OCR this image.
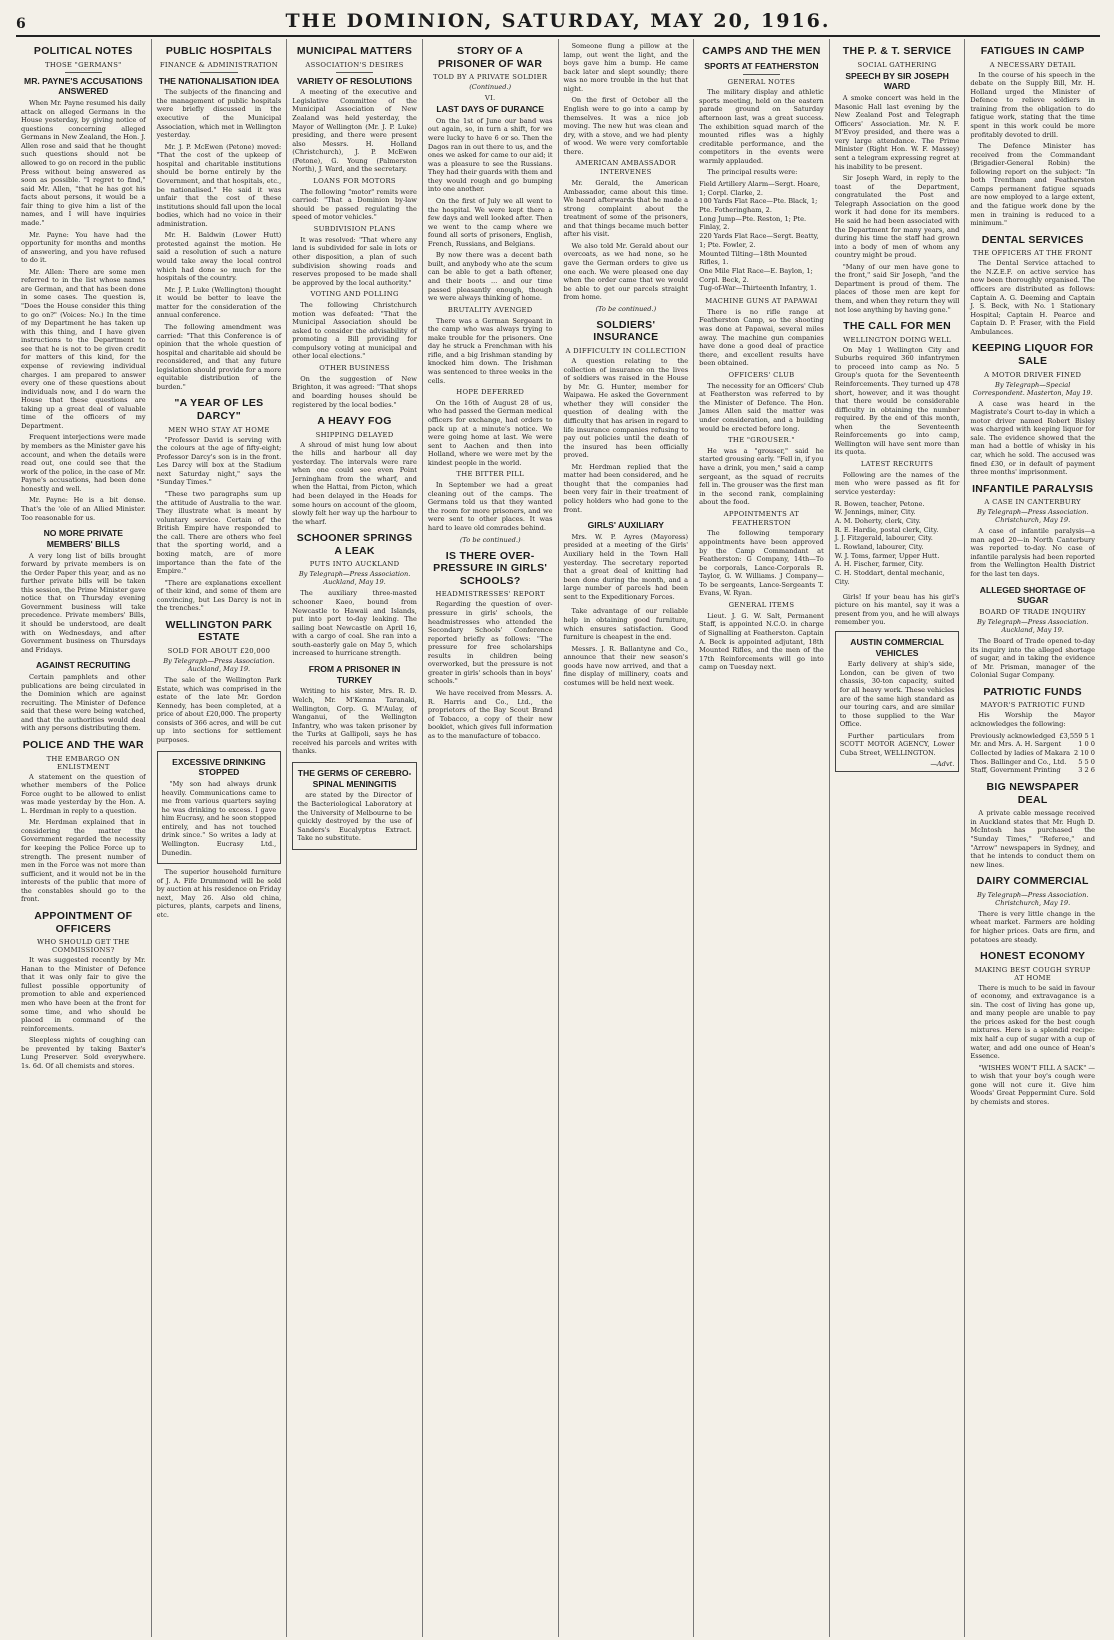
6	THE DOMINION, SATURDAY, MAY 20, 1916.
POLITICAL NOTES
THOSE "GERMANS"
MR. PAYNE'S ACCUSATIONS ANSWERED

When Mr. Payne resumed his daily attack on alleged Germans in the House yesterday, by giving notice of questions concerning alleged Germans in New Zealand, the Hon. J. Allen rose and said that he thought such questions should not be allowed to go on record in the public Press without being answered as soon as possible. "I regret to find," said Mr. Allen, "that he has got his facts about persons, it would be a fair thing to give him a list of the names, and I will have inquiries made."

Mr. Payne: You have had the opportunity for months and months of answering, and you have refused to do it.

Mr. Allen: There are some men referred to in the list whose names are German, and that has been done in some cases. The question is, "Does the House consider this thing to go on?" (Voices: No.) In the time of my Department he has taken up with this thing, and I have given instructions to the Department to see that he is not to be given credit for matters of this kind, for the expense of reviewing individual charges. I am prepared to answer every one of these questions about individuals now, and I do warn the House that these questions are taking up a great deal of valuable time of the officers of my Department.

Frequent interjections were made by members as the Minister gave his account, and when the details were read out, one could see that the work of the police, in the case of Mr. Payne's accusations, had been done honestly and well.

Mr. Payne: He is a bit dense. That's the 'ole of an Allied Minister. Too reasonable for us.

NO MORE PRIVATE MEMBERS' BILLS

A very long list of bills brought forward by private members is on the Order Paper this year, and as no further private bills will be taken this session, the Prime Minister gave notice that on Thursday evening Government business will take precedence. Private members' Bills, it should be understood, are dealt with on Wednesdays, and after Government business on Thursdays and Fridays.

AGAINST RECRUITING

Certain pamphlets and other publications are being circulated in the Dominion which are against recruiting. The Minister of Defence said that these were being watched, and that the authorities would deal with any persons distributing them.

POLICE AND THE WAR
THE EMBARGO ON ENLISTMENT

A statement on the question of whether members of the Police Force ought to be allowed to enlist was made yesterday by the Hon. A. L. Herdman in reply to a question.

Mr. Herdman explained that in considering the matter the Government regarded the necessity for keeping the Police Force up to strength. The present number of men in the Force was not more than sufficient, and it would not be in the interests of the public that more of the constables should go to the front.

APPOINTMENT OF OFFICERS
WHO SHOULD GET THE COMMISSIONS?

It was suggested recently by Mr. Hanan to the Minister of Defence that it was only fair to give the fullest possible opportunity of promotion to able and experienced men who have been at the front for some time, and who should be placed in command of the reinforcements.

Sleepless nights of coughing can be prevented by taking Baxter's Lung Preserver. Sold everywhere. 1s. 6d. Of all chemists and stores.

PUBLIC HOSPITALS
FINANCE & ADMINISTRATION
THE NATIONALISATION IDEA

The subjects of the financing and the management of public hospitals were briefly discussed in the executive of the Municipal Association, which met in Wellington yesterday.

Mr. J. P. McEwen (Petone) moved: "That the cost of the upkeep of hospital and charitable institutions should be borne entirely by the Government, and that hospitals, etc., be nationalised." He said it was unfair that the cost of these institutions should fall upon the local bodies, which had no voice in their administration.

Mr. H. Baldwin (Lower Hutt) protested against the motion. He said a resolution of such a nature would take away the local control which had done so much for the hospitals of the country.

Mr. J. P. Luke (Wellington) thought it would be better to leave the matter for the consideration of the annual conference.

The following amendment was carried: "That this Conference is of opinion that the whole question of hospital and charitable aid should be reconsidered, and that any future legislation should provide for a more equitable distribution of the burden."

"A YEAR OF LES DARCY"
MEN WHO STAY AT HOME

"Professor David is serving with the colours at the age of fifty-eight; Professor Darcy's son is in the front. Les Darcy will box at the Stadium next Saturday night," says the "Sunday Times."

"These two paragraphs sum up the attitude of Australia to the war. They illustrate what is meant by voluntary service. Certain of the British Empire have responded to the call. There are others who feel that the sporting world, and a boxing match, are of more importance than the fate of the Empire."

"There are explanations excellent of their kind, and some of them are convincing, but Les Darcy is not in the trenches."

WELLINGTON PARK ESTATE
SOLD FOR ABOUT £20,000
By Telegraph—Press Association. Auckland, May 19.

The sale of the Wellington Park Estate, which was comprised in the estate of the late Mr. Gordon Kennedy, has been completed, at a price of about £20,000. The property consists of 366 acres, and will be cut up into sections for settlement purposes.

EXCESSIVE DRINKING STOPPED

"My son had always drunk heavily. Communications came to me from various quarters saying he was drinking to excess. I gave him Eucrasy, and he soon stopped entirely, and has not touched drink since." So writes a lady at Wellington. Eucrasy Ltd., Dunedin.

The superior household furniture of J. A. Fife Drummond will be sold by auction at his residence on Friday next, May 26. Also old china, pictures, plants, carpets and linens, etc.

MUNICIPAL MATTERS
ASSOCIATION'S DESIRES
VARIETY OF RESOLUTIONS

A meeting of the executive and Legislative Committee of the Municipal Association of New Zealand was held yesterday, the Mayor of Wellington (Mr. J. P. Luke) presiding, and there were present also Messrs. H. Holland (Christchurch), J. P. McEwen (Petone), G. Young (Palmerston North), J. Ward, and the secretary.

LOANS FOR MOTORS

The following "motor" remits were carried: "That a Dominion by-law should be passed regulating the speed of motor vehicles."

SUBDIVISION PLANS

It was resolved: "That where any land is subdivided for sale in lots or other disposition, a plan of such subdivision showing roads and reserves proposed to be made shall be approved by the local authority."

VOTING AND POLLING

The following Christchurch motion was defeated: "That the Municipal Association should be asked to consider the advisability of promoting a Bill providing for compulsory voting at municipal and other local elections."

OTHER BUSINESS

On the suggestion of New Brighton, it was agreed: "That shops and boarding houses should be registered by the local bodies."

A HEAVY FOG
SHIPPING DELAYED

A shroud of mist hung low about the hills and harbour all day yesterday. The intervals were rare when one could see even Point Jerningham from the wharf, and when the Hattai, from Picton, which had been delayed in the Heads for some hours on account of the gloom, slowly felt her way up the harbour to the wharf.

SCHOONER SPRINGS A LEAK
PUTS INTO AUCKLAND
By Telegraph—Press Association. Auckland, May 19.

The auxiliary three-masted schooner Kaeo, bound from Newcastle to Hawaii and Islands, put into port to-day leaking. The sailing boat Newcastle on April 16, with a cargo of coal. She ran into a south-easterly gale on May 5, which increased to hurricane strength.

FROM A PRISONER IN TURKEY

Writing to his sister, Mrs. R. D. Welch, Mr. M'Kenna Taranaki, Wellington, Corp. G. M'Aulay, of Wanganui, of the Wellington Infantry, who was taken prisoner by the Turks at Gallipoli, says he has received his parcels and writes with thanks.

THE GERMS OF CEREBRO-SPINAL MENINGITIS

are stated by the Director of the Bacteriological Laboratory at the University of Melbourne to be quickly destroyed by the use of Sanders's Eucalyptus Extract. Take no substitute.

STORY OF A PRISONER OF WAR
TOLD BY A PRIVATE SOLDIER
(Continued.)
VI.
LAST DAYS OF DURANCE

On the 1st of June our band was out again, so, in turn a shift, for we were lucky to have 6 or so. Then the Dagos ran in out there to us, and the ones we asked for came to our aid; it was a pleasure to see the Russians. They had their guards with them and they would rough and go bumping into one another.

On the first of July we all went to the hospital. We were kept there a few days and well looked after. Then we went to the camp where we found all sorts of prisoners, English, French, Russians, and Belgians.

By now there was a decent bath built, and anybody who ate the scum can be able to get a bath oftener, and their boots ... and our time passed pleasantly enough, though we were always thinking of home.

BRUTALITY AVENGED

There was a German Sergeant in the camp who was always trying to make trouble for the prisoners. One day he struck a Frenchman with his rifle, and a big Irishman standing by knocked him down. The Irishman was sentenced to three weeks in the cells.

HOPE DEFERRED

On the 16th of August 28 of us, who had passed the German medical officers for exchange, had orders to pack up at a minute's notice. We were going home at last. We were sent to Aachen and then into Holland, where we were met by the kindest people in the world.

THE BITTER PILL

In September we had a great cleaning out of the camps. The Germans told us that they wanted the room for more prisoners, and we were sent to other places. It was hard to leave old comrades behind.

(To be continued.)
IS THERE OVER-PRESSURE IN GIRLS' SCHOOLS?
HEADMISTRESSES' REPORT

Regarding the question of over-pressure in girls' schools, the headmistresses who attended the Secondary Schools' Conference reported briefly as follows: "The pressure for free scholarships results in children being overworked, but the pressure is not greater in girls' schools than in boys' schools."

We have received from Messrs. A. R. Harris and Co., Ltd., the proprietors of the Bay Scout Brand of Tobacco, a copy of their new booklet, which gives full information as to the manufacture of tobacco.

Someone flung a pillow at the lamp, out went the light, and the boys gave him a bump. He came back later and slept soundly; there was no more trouble in the hut that night.

On the first of October all the English were to go into a camp by themselves. It was a nice job moving. The new hut was clean and dry, with a stove, and we had plenty of wood. We were very comfortable there.

AMERICAN AMBASSADOR INTERVENES

Mr. Gerald, the American Ambassador, came about this time. We heard afterwards that he made a strong complaint about the treatment of some of the prisoners, and that things became much better after his visit.

We also told Mr. Gerald about our overcoats, as we had none, so he gave the German orders to give us one each. We were pleased one day when the order came that we would be able to get our parcels straight from home.

(To be continued.)
SOLDIERS' INSURANCE
A DIFFICULTY IN COLLECTION

A question relating to the collection of insurance on the lives of soldiers was raised in the House by Mr. G. Hunter, member for Waipawa. He asked the Government whether they will consider the question of dealing with the difficulty that has arisen in regard to life insurance companies refusing to pay out policies until the death of the insured has been officially proved.

Mr. Herdman replied that the matter had been considered, and he thought that the companies had been very fair in their treatment of policy holders who had gone to the front.

GIRLS' AUXILIARY

Mrs. W. P. Ayres (Mayoress) presided at a meeting of the Girls' Auxiliary held in the Town Hall yesterday. The secretary reported that a great deal of knitting had been done during the month, and a large number of parcels had been sent to the Expeditionary Forces.

Take advantage of our reliable help in obtaining good furniture, which ensures satisfaction. Good furniture is cheapest in the end.

Messrs. J. R. Ballantyne and Co., announce that their new season's goods have now arrived, and that a fine display of millinery, coats and costumes will be held next week.

CAMPS AND THE MEN
SPORTS AT FEATHERSTON
GENERAL NOTES

The military display and athletic sports meeting, held on the eastern parade ground on Saturday afternoon last, was a great success. The exhibition squad march of the mounted rifles was a highly creditable performance, and the competitors in the events were warmly applauded.

The principal results were:

Field Artillery Alarm—Sergt. Hoare, 1; Corpl. Clarke, 2.
100 Yards Flat Race—Pte. Black, 1; Pte. Fotheringham, 2.
Long Jump—Pte. Reston, 1; Pte. Finlay, 2.
220 Yards Flat Race—Sergt. Beatty, 1; Pte. Fowler, 2.
Mounted Tilting—18th Mounted Rifles, 1.
One Mile Flat Race—E. Baylon, 1; Corpl. Beck, 2.
Tug-of-War—Thirteenth Infantry, 1.
MACHINE GUNS AT PAPAWAI

There is no rifle range at Featherston Camp, so the shooting was done at Papawai, several miles away. The machine gun companies have done a good deal of practice there, and excellent results have been obtained.

OFFICERS' CLUB

The necessity for an Officers' Club at Featherston was referred to by the Minister of Defence. The Hon. James Allen said the matter was under consideration, and a building would be erected before long.

THE "GROUSER."

He was a "grouser," said he started grousing early. "Fell in, if you have a drink, you men," said a camp sergeant, as the squad of recruits fell in. The grouser was the first man in the second rank, complaining about the food.

APPOINTMENTS AT FEATHERSTON

The following temporary appointments have been approved by the Camp Commandant at Featherston: G Company, 14th—To be corporals, Lance-Corporals R. Taylor, G. W. Williams. J Company—To be sergeants, Lance-Sergeants T. Evans, W. Ryan.

GENERAL ITEMS

Lieut. J. G. W. Salt, Permanent Staff, is appointed N.C.O. in charge of Signalling at Featherston. Captain A. Beck is appointed adjutant, 18th Mounted Rifles, and the men of the 17th Reinforcements will go into camp on Tuesday next.

THE P. & T. SERVICE
SOCIAL GATHERING
SPEECH BY SIR JOSEPH WARD

A smoke concert was held in the Masonic Hall last evening by the New Zealand Post and Telegraph Officers' Association. Mr. N. F. M'Evoy presided, and there was a very large attendance. The Prime Minister (Right Hon. W. F. Massey) sent a telegram expressing regret at his inability to be present.

Sir Joseph Ward, in reply to the toast of the Department, congratulated the Post and Telegraph Association on the good work it had done for its members. He said he had been associated with the Department for many years, and during his time the staff had grown into a body of men of whom any country might be proud.

"Many of our men have gone to the front," said Sir Joseph, "and the Department is proud of them. The places of those men are kept for them, and when they return they will not lose anything by having gone."

THE CALL FOR MEN
WELLINGTON DOING WELL

On May 1 Wellington City and Suburbs required 360 infantrymen to proceed into camp as No. 5 Group's quota for the Seventeenth Reinforcements. They turned up 478 short, however, and it was thought that there would be considerable difficulty in obtaining the number required. By the end of this month, when the Seventeenth Reinforcements go into camp, Wellington will have sent more than its quota.

LATEST RECRUITS

Following are the names of the men who were passed as fit for service yesterday:

R. Bowen, teacher, Petone.
W. Jennings, miner, City.
A. M. Doherty, clerk, City.
R. E. Hardie, postal clerk, City.
J. J. Fitzgerald, labourer, City.
L. Rowland, labourer, City.
W. J. Toms, farmer, Upper Hutt.
A. H. Fischer, farmer, City.
C. H. Stoddart, dental mechanic, City.

Girls! If your beau has his girl's picture on his mantel, say it was a present from you, and he will always remember you.

AUSTIN COMMERCIAL VEHICLES

Early delivery at ship's side, London, can be given of two chassis, 30-ton capacity, suited for all heavy work. These vehicles are of the same high standard as our touring cars, and are similar to those supplied to the War Office.

Further particulars from SCOTT MOTOR AGENCY, Lower Cuba Street, WELLINGTON.

—Advt.
FATIGUES IN CAMP
A NECESSARY DETAIL

In the course of his speech in the debate on the Supply Bill, Mr. H. Holland urged the Minister of Defence to relieve soldiers in training from the obligation to do fatigue work, stating that the time spent in this work could be more profitably devoted to drill.

The Defence Minister has received from the Commandant (Brigadier-General Robin) the following report on the subject: "In both Trentham and Featherston Camps permanent fatigue squads are now employed to a large extent, and the fatigue work done by the men in training is reduced to a minimum."

DENTAL SERVICES
THE OFFICERS AT THE FRONT

The Dental Service attached to the N.Z.E.F. on active service has now been thoroughly organised. The officers are distributed as follows: Captain A. G. Deeming and Captain J. S. Beck, with No. 1 Stationary Hospital; Captain H. Pearce and Captain D. P. Fraser, with the Field Ambulances.

KEEPING LIQUOR FOR SALE
A MOTOR DRIVER FINED
By Telegraph—Special Correspondent. Masterton, May 19.

A case was heard in the Magistrate's Court to-day in which a motor driver named Robert Bisley was charged with keeping liquor for sale. The evidence showed that the man had a bottle of whisky in his car, which he sold. The accused was fined £30, or in default of payment three months' imprisonment.

INFANTILE PARALYSIS
A CASE IN CANTERBURY
By Telegraph—Press Association. Christchurch, May 19.

A case of infantile paralysis—a man aged 20—in North Canterbury was reported to-day. No case of infantile paralysis had been reported from the Wellington Health District for the last ten days.

ALLEGED SHORTAGE OF SUGAR
BOARD OF TRADE INQUIRY
By Telegraph—Press Association. Auckland, May 19.

The Board of Trade opened to-day its inquiry into the alleged shortage of sugar, and in taking the evidence of Mr. Prisman, manager of the Colonial Sugar Company.

PATRIOTIC FUNDS
MAYOR'S PATRIOTIC FUND

His Worship the Mayor acknowledges the following:

Previously acknowledged £3,559 5 1
Mr. and Mrs. A. H. Sargent	1 0 0
Collected by ladies of Makara 2 10 0
Thos. Ballinger and Co., Ltd. 5 5 0
Staff, Government Printing	3 2 6
BIG NEWSPAPER DEAL

A private cable message received in Auckland states that Mr. Hugh D. McIntosh has purchased the "Sunday Times," "Referee," and "Arrow" newspapers in Sydney, and that he intends to conduct them on new lines.

DAIRY COMMERCIAL
By Telegraph—Press Association. Christchurch, May 19.

There is very little change in the wheat market. Farmers are holding for higher prices. Oats are firm, and potatoes are steady.

HONEST ECONOMY
MAKING BEST COUGH SYRUP AT HOME

There is much to be said in favour of economy, and extravagance is a sin. The cost of living has gone up, and many people are unable to pay the prices asked for the best cough mixtures. Here is a splendid recipe: mix half a cup of sugar with a cup of water, and add one ounce of Hean's Essence.

"WISHES WON'T FILL A SACK" — to wish that your boy's cough were gone will not cure it. Give him Woods' Great Peppermint Cure. Sold by chemists and stores.
